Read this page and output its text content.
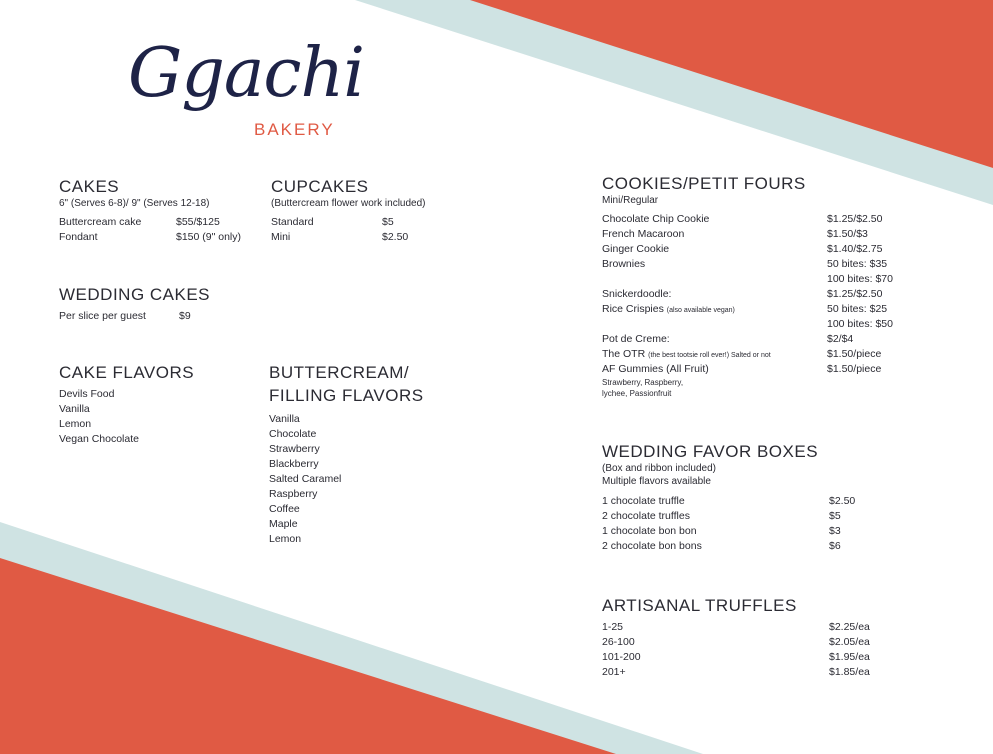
Ggachi
BAKERY
CAKES
6" (Serves 6-8)/ 9" (Serves 12-18)
Buttercream cake	$55/$125
Fondant	$150 (9" only)
CUPCAKES
(Buttercream flower work included)
Standard	$5
Mini	$2.50
WEDDING CAKES
Per slice per guest	$9
CAKE FLAVORS
Devils Food
Vanilla
Lemon
Vegan Chocolate
BUTTERCREAM/
FILLING FLAVORS
Vanilla
Chocolate
Strawberry
Blackberry
Salted Caramel
Raspberry
Coffee
Maple
Lemon
COOKIES/PETIT FOURS
Mini/Regular
Chocolate Chip Cookie	$1.25/$2.50
French Macaroon	$1.50/$3
Ginger Cookie	$1.40/$2.75
Brownies	50 bites: $35
100 bites: $70
Snickerdoodle:	$1.25/$2.50
Rice Crispies (also available vegan)	50 bites: $25
100 bites: $50
Pot de Creme:	$2/$4
The OTR (the best tootsie roll ever!) Salted or not	$1.50/piece
AF Gummies (All Fruit)	$1.50/piece
Strawberry, Raspberry,
lychee, Passionfruit
WEDDING FAVOR BOXES
(Box and ribbon included)
Multiple flavors available
1 chocolate truffle	$2.50
2 chocolate truffles	$5
1 chocolate bon bon	$3
2 chocolate bon bons	$6
ARTISANAL TRUFFLES
1-25	$2.25/ea
26-100	$2.05/ea
101-200	$1.95/ea
201+	$1.85/ea
